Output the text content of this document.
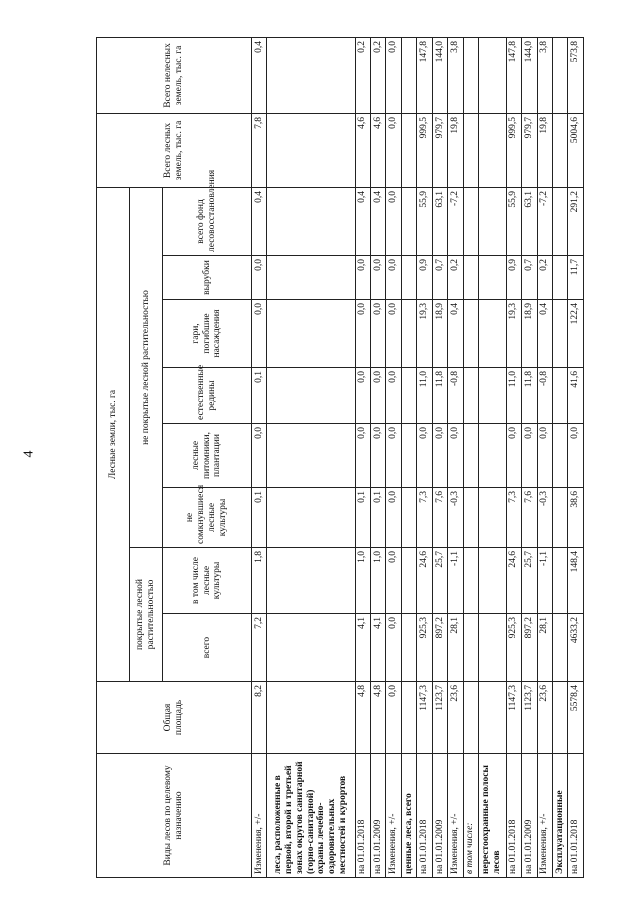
4
Виды лесов по целевому назначению	Общая площадь	Лесные земли, тыс. га								Всего лесных земель, тыс. га	Всего нелесных земель, тыс. га
		покрытые лесной растительностью		не покрытые лесной растительностью							
		всего	в том числе лесные культуры	не сомкнувшиеся лесные культуры	лесные питомники, плантации	естественные редины	гари, погибшие насаждения	вырубки	всего фонд лесовосстановления		
Изменения, +/-	8,2	7,2	1,8	0,1	0,0	0,1	0,0	0,0	0,4	7,8	0,4
леса, расположенные в первой, второй и третьей зонах округов санитарной (горно-санитарной) охраны лечебно-оздоровительных местностей и курортов											
на 01.01.2018	4,8	4,1	1,0	0,1	0,0	0,0	0,0	0,0	0,4	4,6	0,2
на 01.01.2009	4,8	4,1	1,0	0,1	0,0	0,0	0,0	0,0	0,4	4,6	0,2
Изменения, +/-	0,0	0,0	0,0	0,0	0,0	0,0	0,0	0,0	0,0	0,0	0,0
ценные леса, всего											
на 01.01.2018	1147,3	925,3	24,6	7,3	0,0	11,0	19,3	0,9	55,9	999,5	147,8
на 01.01.2009	1123,7	897,2	25,7	7,6	0,0	11,8	18,9	0,7	63,1	979,7	144,0
Изменения, +/-	23,6	28,1	-1,1	-0,3	0,0	-0,8	0,4	0,2	-7,2	19,8	3,8
в том числе:											
нерестоохранные полосы лесов											
на 01.01.2018	1147,3	925,3	24,6	7,3	0,0	11,0	19,3	0,9	55,9	999,5	147,8
на 01.01.2009	1123,7	897,2	25,7	7,6	0,0	11,8	18,9	0,7	63,1	979,7	144,0
Изменения, +/-	23,6	28,1	-1,1	-0,3	0,0	-0,8	0,4	0,2	-7,2	19,8	3,8
Эксплуатационные											
на 01.01.2018	5578,4	4633,2	148,4	38,6	0,0	41,6	122,4	11,7	291,2	5004,6	573,8
